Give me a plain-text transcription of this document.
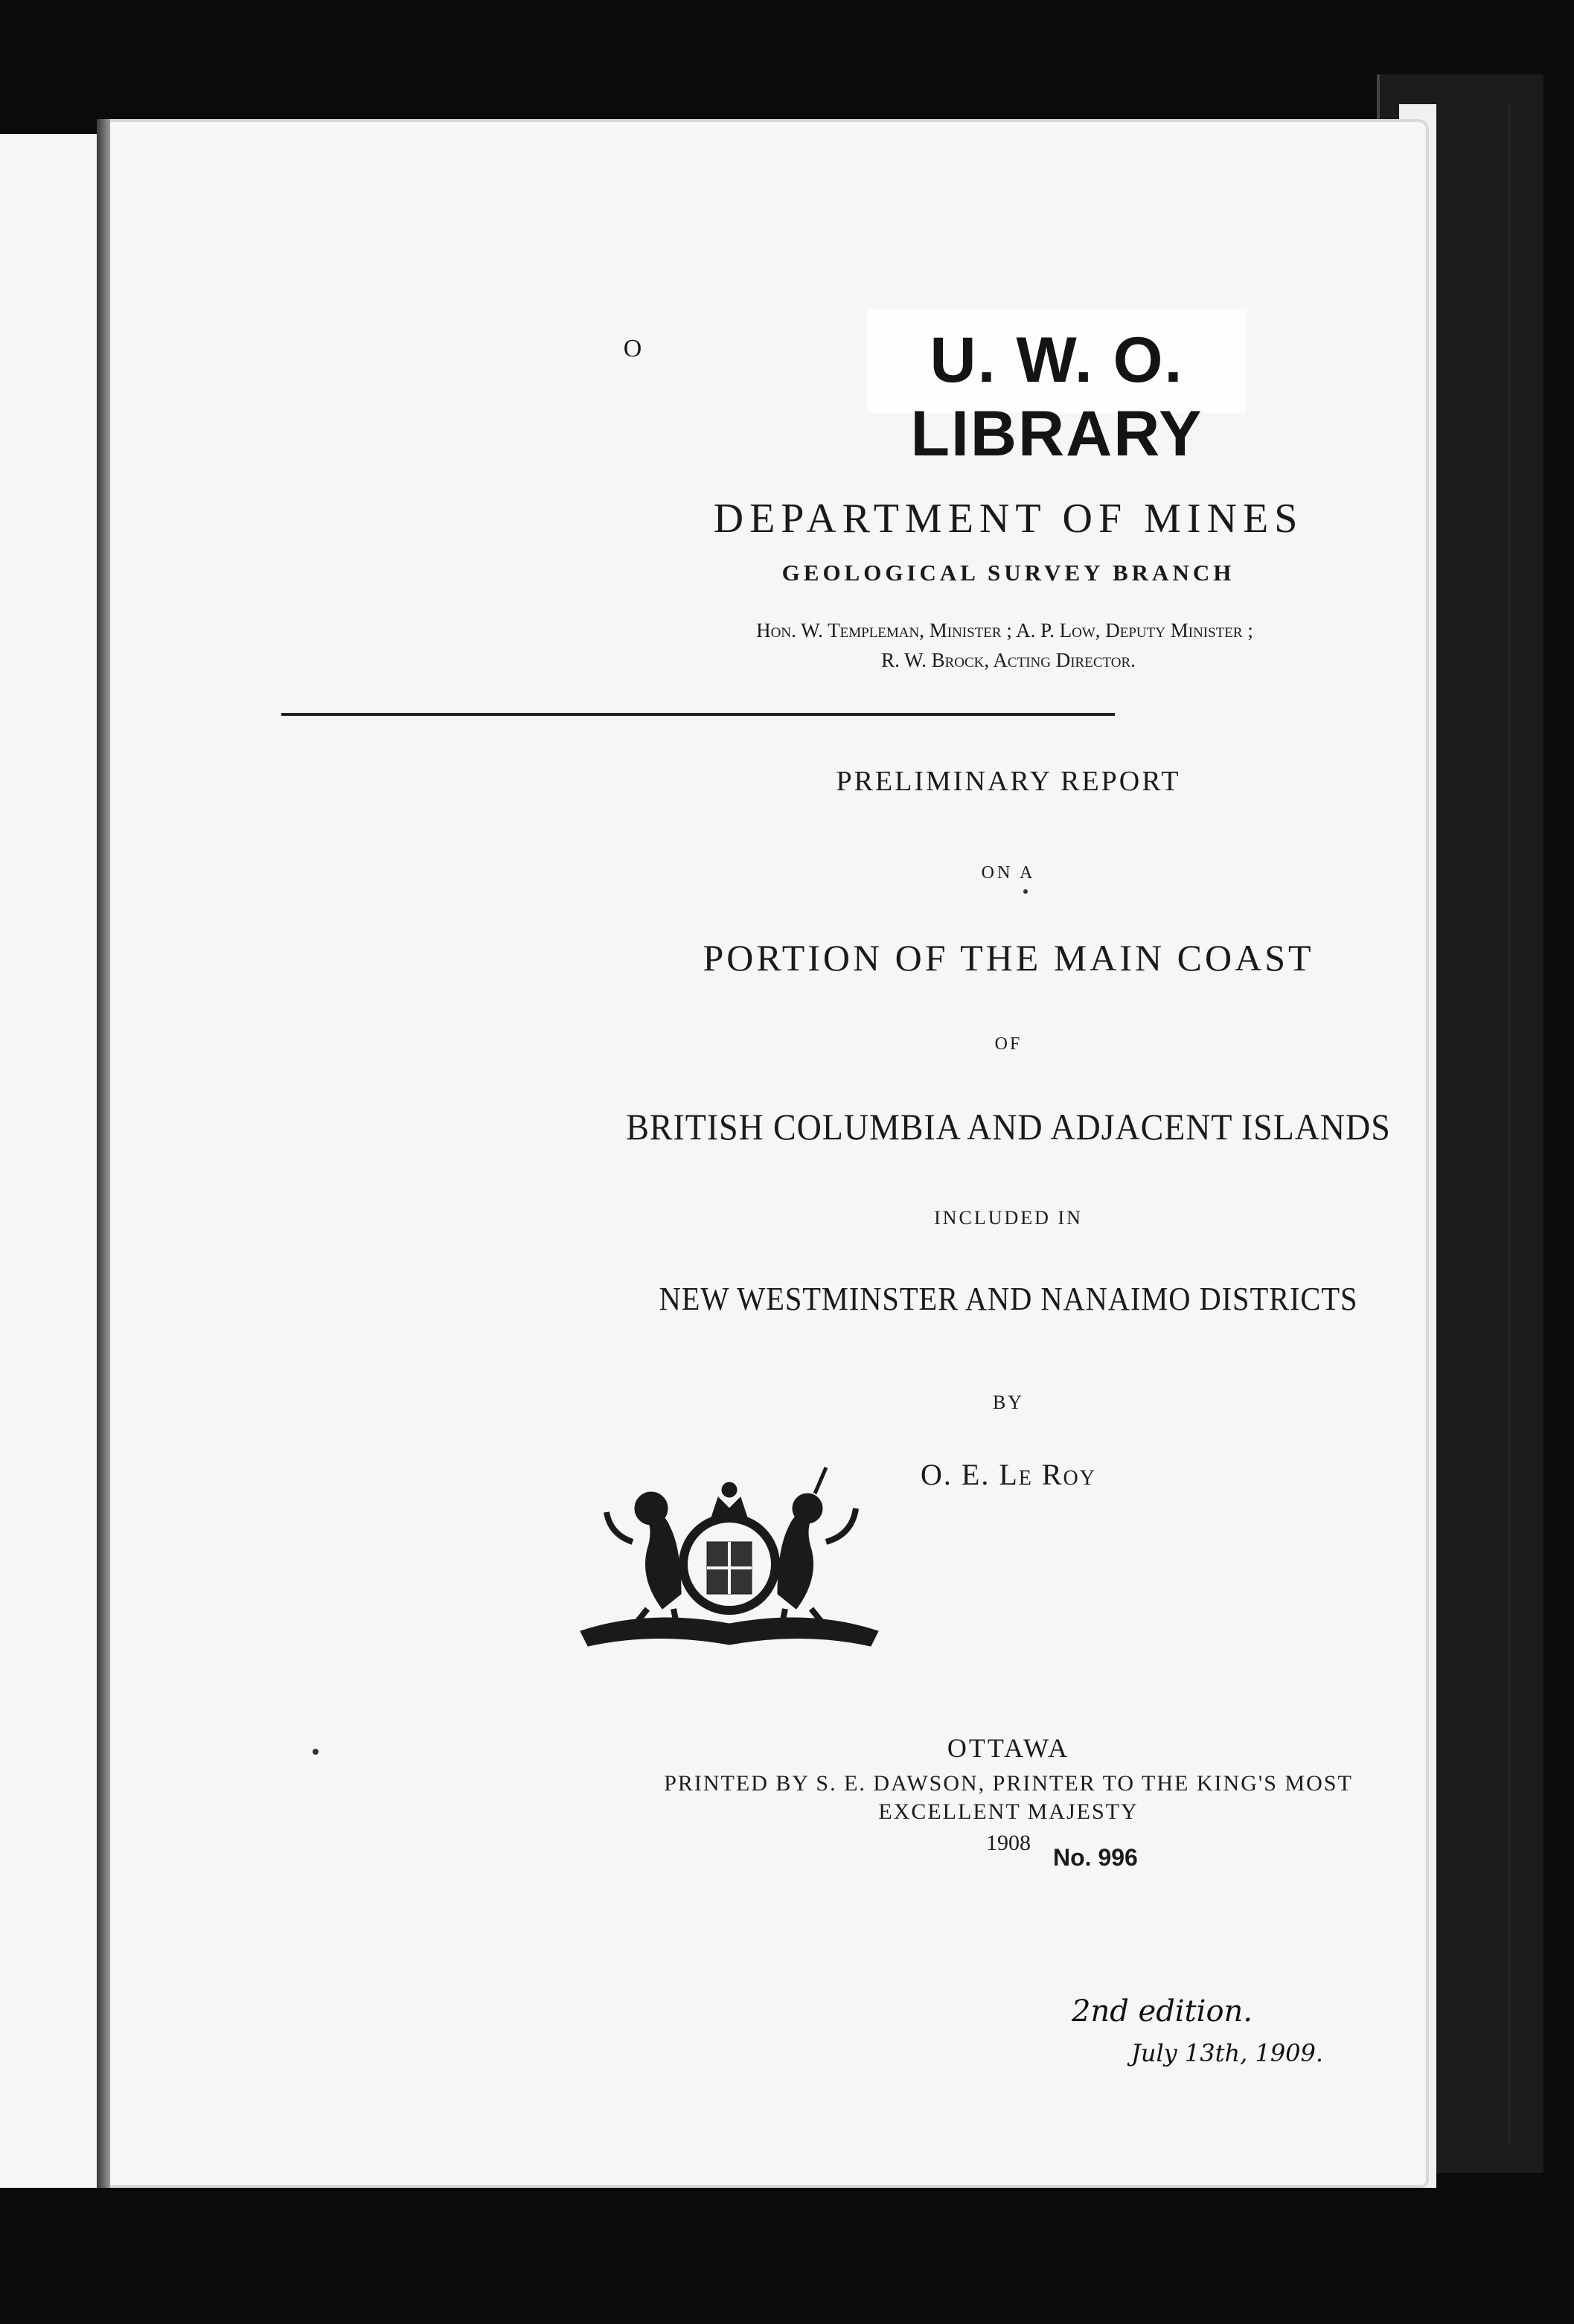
U. W. O. LIBRARY
O
DEPARTMENT OF MINES
GEOLOGICAL SURVEY BRANCH
Hon. W. Templeman, Minister ; A. P. Low, Deputy Minister ;
R. W. Brock, Acting Director.
PRELIMINARY REPORT
ON A
PORTION OF THE MAIN COAST
OF
BRITISH COLUMBIA AND ADJACENT ISLANDS
INCLUDED IN
NEW WESTMINSTER AND NANAIMO DISTRICTS
BY
O. E. Le Roy
OTTAWA
PRINTED BY S. E. DAWSON, PRINTER TO THE KING'S MOST
EXCELLENT MAJESTY
1908
No. 996
2nd edition.
July 13th, 1909.
